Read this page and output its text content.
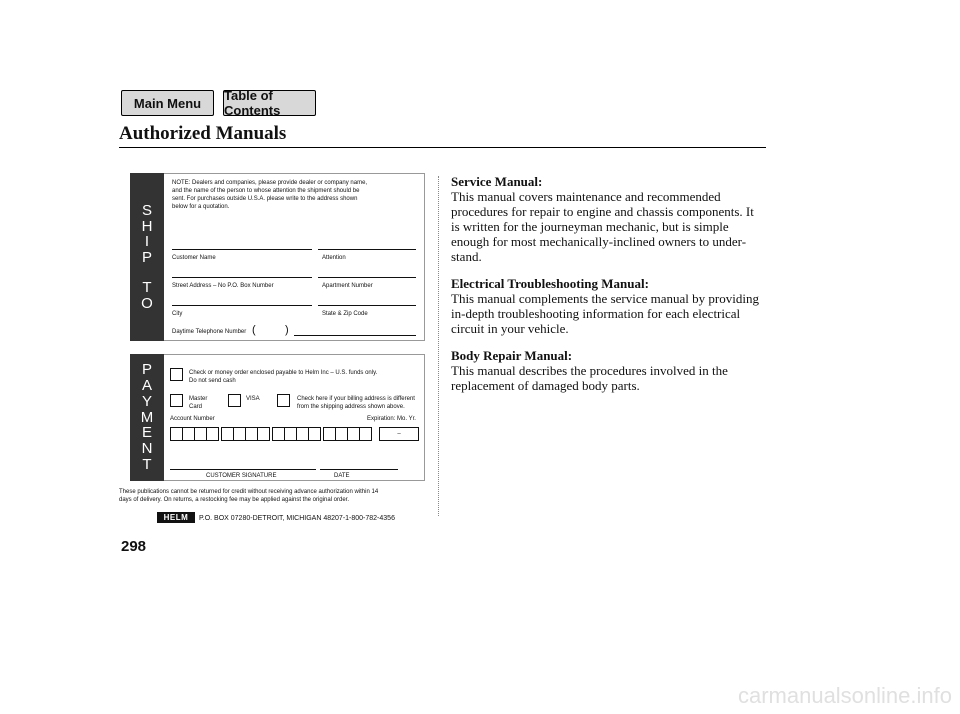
Main Menu	Table of Contents
Authorized Manuals
S
H
I
P
T
O
NOTE: Dealers and companies, please provide dealer or company name,
and the name of the person to whose attention the shipment should be
sent. For purchases outside U.S.A. please write to the address shown
below for a quotation.
Customer Name	Attention
Street Address – No P.O. Box Number	Apartment Number
City	State & Zip Code
Daytime Telephone Number (	)
P
A
Y
M
E
N
T
Check or money order enclosed payable to Helm Inc – U.S. funds only.
Do not send cash
Master
Card
VISA	Check here if your billing address is different
from the shipping address shown above.
Account Number	Expiration: Mo. Yr.
–
CUSTOMER SIGNATURE	DATE
These publications cannot be returned for credit without receiving advance authorization within 14
days of delivery. On returns, a restocking fee may be applied against the original order.
HELM	P.O. BOX 07280-DETROIT, MICHIGAN 48207-1-800-782-4356
Service Manual:
This manual covers maintenance and recommended procedures for repair to engine and chassis components. It is written for the journeyman mechanic, but is simple enough for most mechanically-inclined owners to under-stand.
Electrical Troubleshooting Manual:
This manual complements the service manual by providing in-depth troubleshooting information for each electrical circuit in your vehicle.
Body Repair Manual:
This manual describes the procedures involved in the replacement of damaged body parts.
298
carmanualsonline.info
